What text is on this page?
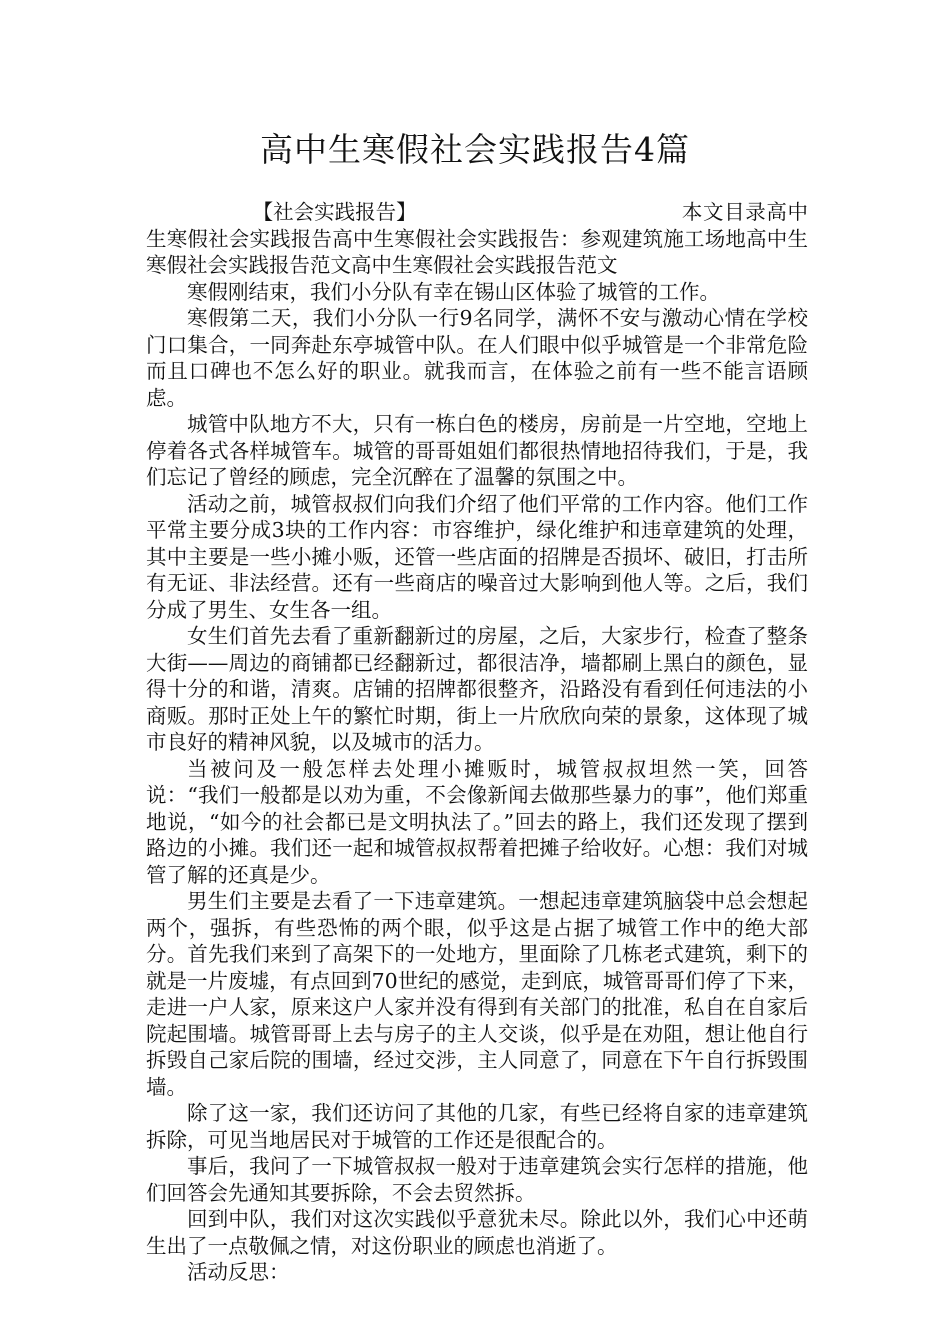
高中生寒假社会实践报告4篇
【社会实践报告】	本文目录高中生寒假社会实践报告高中生寒假社会实践报告：参观建筑施工场地高中生寒假社会实践报告范文高中生寒假社会实践报告范文

寒假刚结束，我们小分队有幸在锡山区体验了城管的工作。

寒假第二天，我们小分队一行9名同学，满怀不安与激动心情在学校门口集合，一同奔赴东亭城管中队。在人们眼中似乎城管是一个非常危险而且口碑也不怎么好的职业。就我而言，在体验之前有一些不能言语顾虑。

城管中队地方不大，只有一栋白色的楼房，房前是一片空地，空地上停着各式各样城管车。城管的哥哥姐姐们都很热情地招待我们，于是，我们忘记了曾经的顾虑，完全沉醉在了温馨的氛围之中。

活动之前，城管叔叔们向我们介绍了他们平常的工作内容。他们工作平常主要分成3块的工作内容：市容维护，绿化维护和违章建筑的处理，其中主要是一些小摊小贩，还管一些店面的招牌是否损坏、破旧，打击所有无证、非法经营。还有一些商店的噪音过大影响到他人等。之后，我们分成了男生、女生各一组。

女生们首先去看了重新翻新过的房屋，之后，大家步行，检查了整条大街——周边的商铺都已经翻新过，都很洁净，墙都刷上黑白的颜色，显得十分的和谐，清爽。店铺的招牌都很整齐，沿路没有看到任何违法的小商贩。那时正处上午的繁忙时期，街上一片欣欣向荣的景象，这体现了城市良好的精神风貌，以及城市的活力。

当被问及一般怎样去处理小摊贩时，城管叔叔坦然一笑，回答说：“我们一般都是以劝为重，不会像新闻去做那些暴力的事”，他们郑重地说，“如今的社会都已是文明执法了。”回去的路上，我们还发现了摆到路边的小摊。我们还一起和城管叔叔帮着把摊子给收好。心想：我们对城管了解的还真是少。

男生们主要是去看了一下违章建筑。一想起违章建筑脑袋中总会想起两个，强拆，有些恐怖的两个眼，似乎这是占据了城管工作中的绝大部分。首先我们来到了高架下的一处地方，里面除了几栋老式建筑，剩下的就是一片废墟，有点回到70世纪的感觉，走到底，城管哥哥们停了下来，走进一户人家，原来这户人家并没有得到有关部门的批准，私自在自家后院起围墙。城管哥哥上去与房子的主人交谈，似乎是在劝阻，想让他自行拆毁自己家后院的围墙，经过交涉，主人同意了，同意在下午自行拆毁围墙。

除了这一家，我们还访问了其他的几家，有些已经将自家的违章建筑拆除，可见当地居民对于城管的工作还是很配合的。

事后，我问了一下城管叔叔一般对于违章建筑会实行怎样的措施，他们回答会先通知其要拆除，不会去贸然拆。

回到中队，我们对这次实践似乎意犹未尽。除此以外，我们心中还萌生出了一点敬佩之情，对这份职业的顾虑也消逝了。

活动反思：
